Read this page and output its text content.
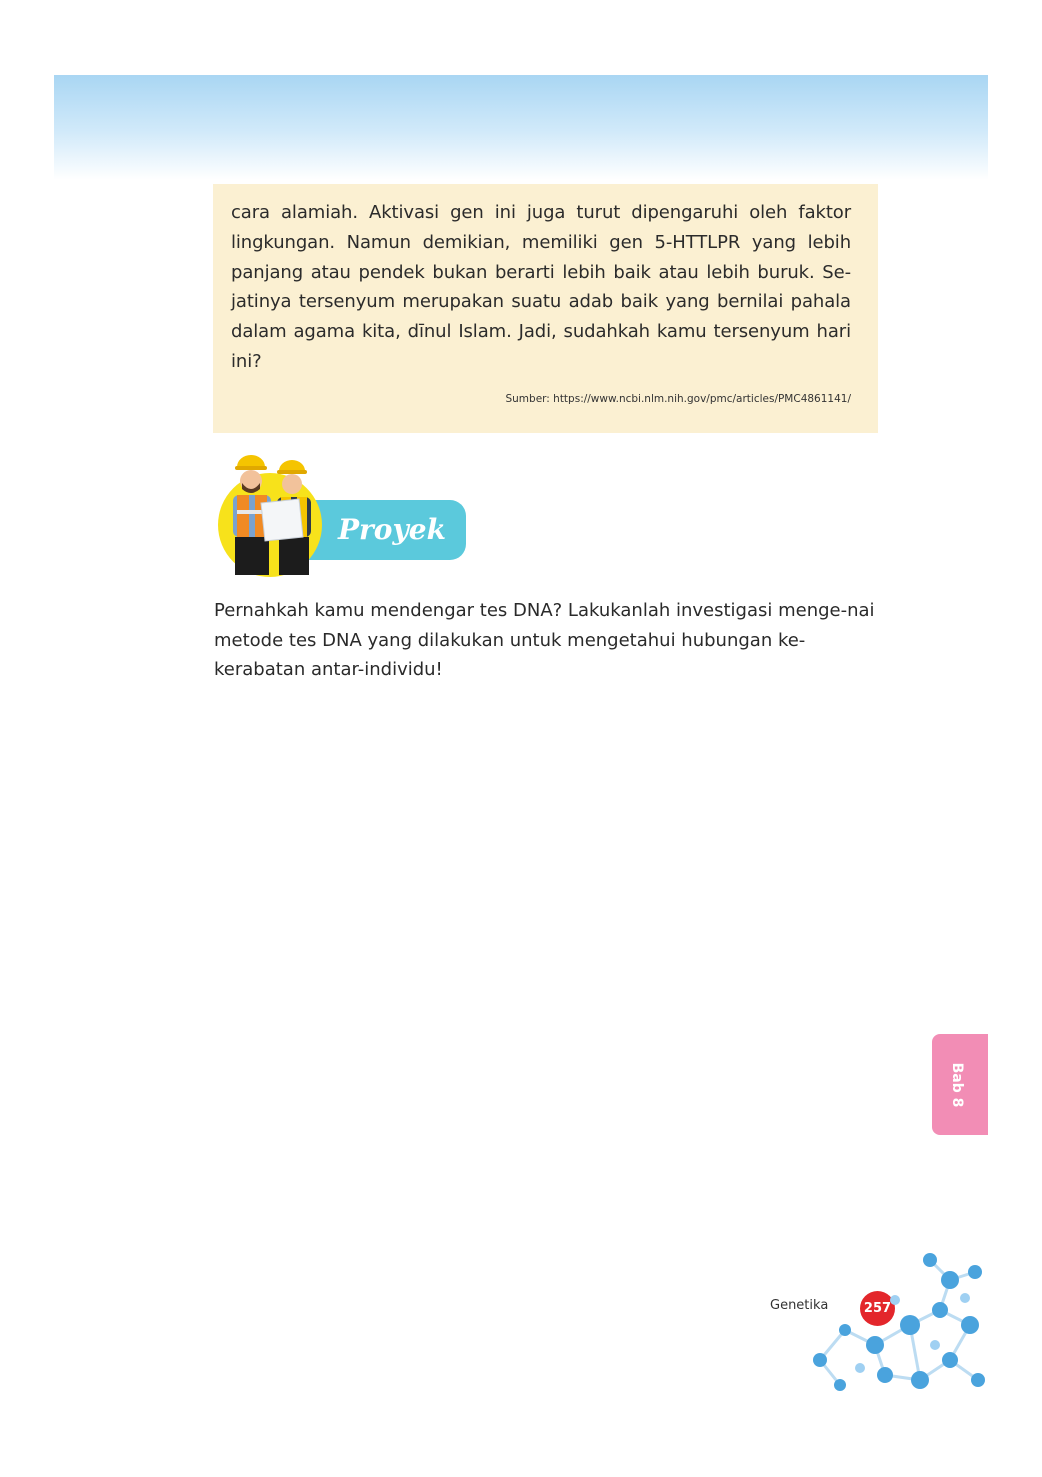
cara alamiah. Aktivasi gen ini juga turut dipengaruhi oleh faktor lingkungan. Namun demikian, memiliki gen 5-HTTLPR yang lebih panjang atau pendek bukan berarti lebih baik atau lebih buruk. Se-jatinya tersenyum merupakan suatu adab baik yang bernilai pahala dalam agama kita, dīnul Islam. Jadi, sudahkah kamu tersenyum hari ini?

Sumber: https://www.ncbi.nlm.nih.gov/pmc/articles/PMC4861141/
Proyek

Pernahkah kamu mendengar tes DNA? Lakukanlah investigasi menge-nai metode tes DNA yang dilakukan untuk mengetahui hubungan ke-kerabatan antar-individu!

Bab 8
Genetika	257
